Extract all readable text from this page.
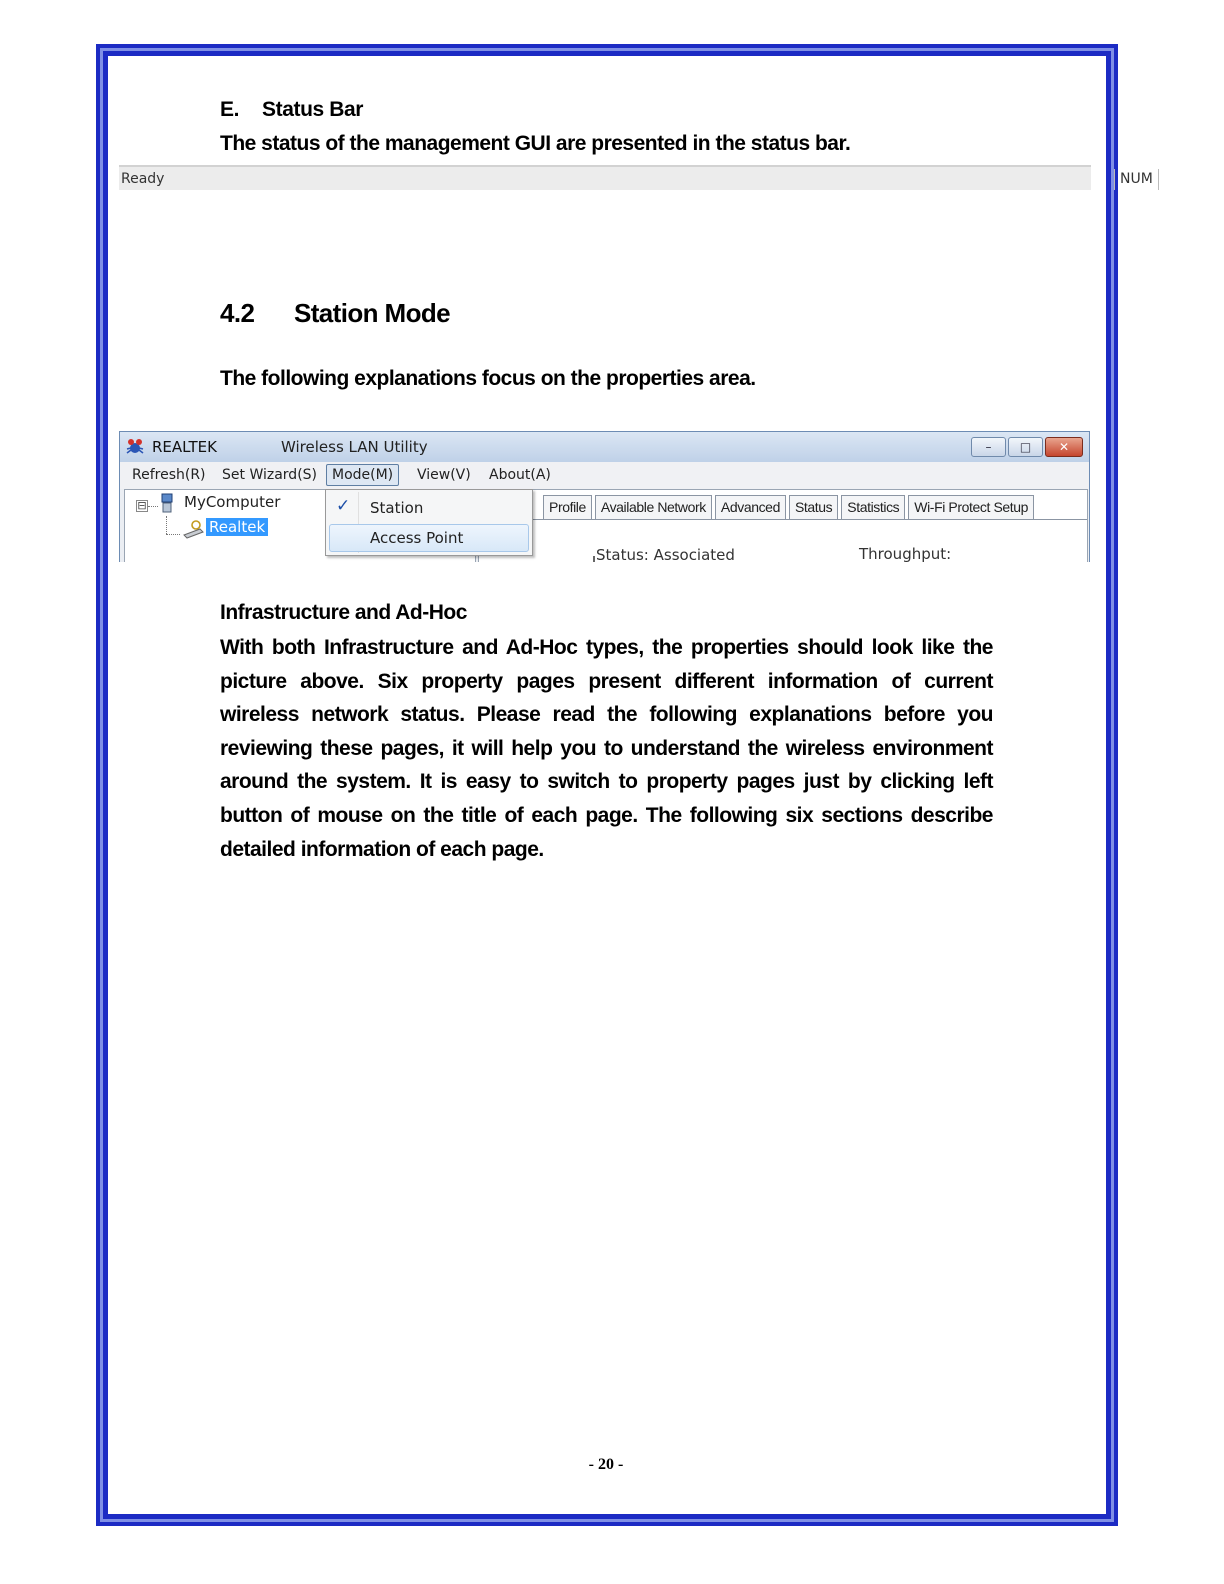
E. Status Bar
The status of the management GUI are presented in the status bar.
Ready	NUM
4.2 Station Mode
The following explanations focus on the properties area.
REALTEK	Wireless LAN Utility	–	□	✕
Refresh(R) Set Wizard(S)	Mode(M)	View(V) About(A)
⊟ MyComputer
Realtek
Profile	Available Network	Advanced	Status	Statistics	Wi-Fi Protect Setup
Status: Associated	Throughput:
✓ Station
Access Point
Infrastructure and Ad-Hoc
With both Infrastructure and Ad-Hoc types, the properties should look like the picture above. Six property pages present different information of current wireless network status. Please read the following explanations before you reviewing these pages, it will help you to understand the wireless environment around the system. It is easy to switch to property pages just by clicking left button of mouse on the title of each page. The following six sections describe detailed information of each page.
- 20 -
